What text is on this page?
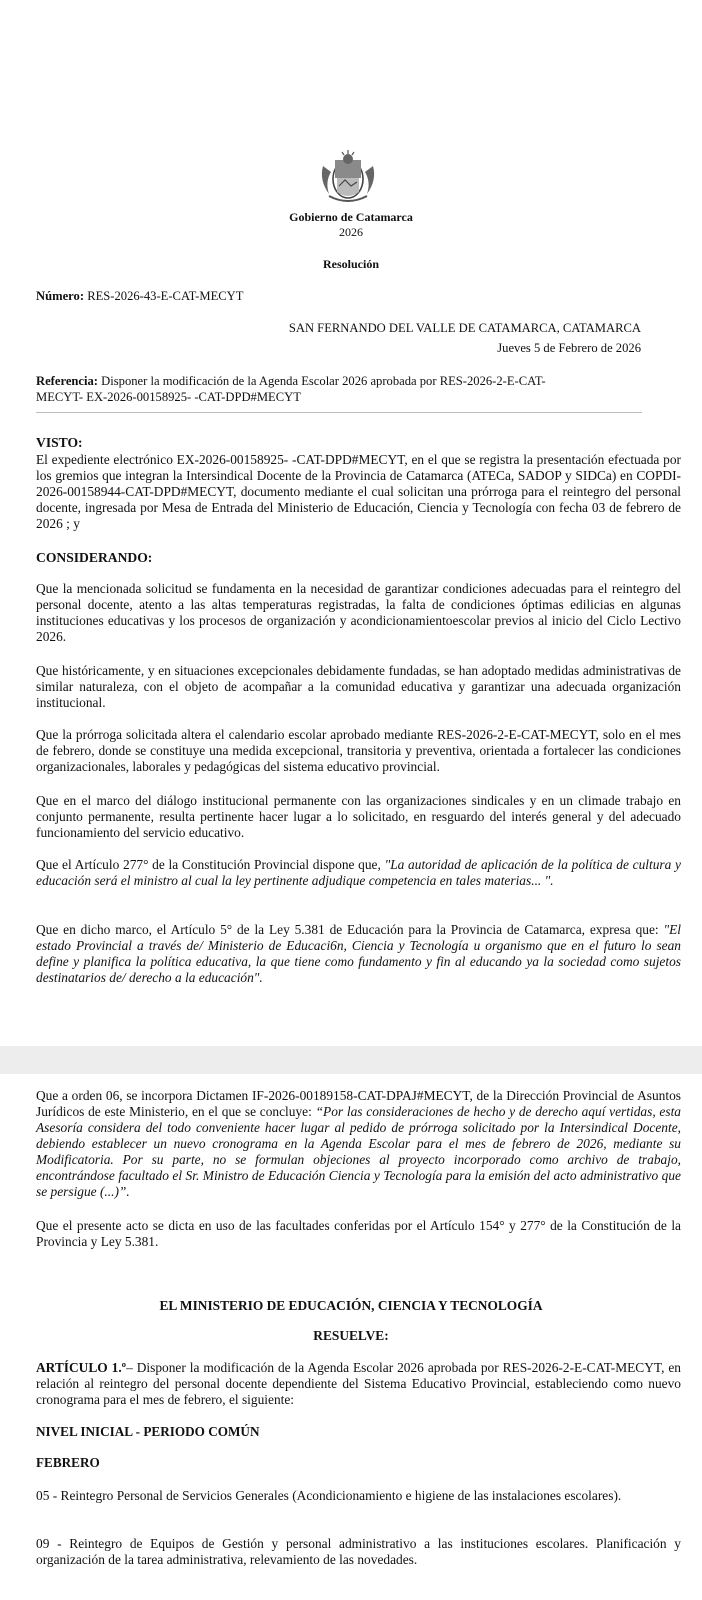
Gobierno de Catamarca
2026
Resolución
Número: RES-2026-43-E-CAT-MECYT
SAN FERNANDO DEL VALLE DE CATAMARCA, CATAMARCA
Jueves 5 de Febrero de 2026
Referencia: Disponer la modificación de la Agenda Escolar 2026 aprobada por RES-2026-2-E-CAT-
MECYT- EX-2026-00158925- -CAT-DPD#MECYT
VISTO:

El expediente electrónico EX-2026-00158925- -CAT-DPD#MECYT, en el que se registra la presentación efectuada por los gremios que integran la Intersindical Docente de la Provincia de Catamarca (ATECa, SADOP y SIDCa) en COPDI-2026-00158944-CAT-DPD#MECYT, documento mediante el cual solicitan una prórroga para el reintegro del personal docente, ingresada por Mesa de Entrada del Ministerio de Educación, Ciencia y Tecnología con fecha 03 de febrero de 2026 ; y

CONSIDERANDO:

Que la mencionada solicitud se fundamenta en la necesidad de garantizar condiciones adecuadas para el reintegro del personal docente, atento a las altas temperaturas registradas, la falta de condiciones óptimas edilicias en algunas instituciones educativas y los procesos de organización y acondicionamientoescolar previos al inicio del Ciclo Lectivo 2026.

Que históricamente, y en situaciones excepcionales debidamente fundadas, se han adoptado medidas administrativas de similar naturaleza, con el objeto de acompañar a la comunidad educativa y garantizar una adecuada organización institucional.

Que la prórroga solicitada altera el calendario escolar aprobado mediante RES-2026-2-E-CAT-MECYT, solo en el mes de febrero, donde se constituye una medida excepcional, transitoria y preventiva, orientada a fortalecer las condiciones organizacionales, laborales y pedagógicas del sistema educativo provincial.

Que en el marco del diálogo institucional permanente con las organizaciones sindicales y en un climade trabajo en conjunto permanente, resulta pertinente hacer lugar a lo solicitado, en resguardo del interés general y del adecuado funcionamiento del servicio educativo.

Que el Artículo 277° de la Constitución Provincial dispone que, "La autoridad de aplicación de la política de cultura y educación será el ministro al cual la ley pertinente adjudique competencia en tales materias... ".

Que en dicho marco, el Artículo 5° de la Ley 5.381 de Educación para la Provincia de Catamarca, expresa que: "El estado Provincial a través de/ Ministerio de Educaci6n, Ciencia y Tecnología u organismo que en el futuro lo sean define y planifica la política educativa, la que tiene como fundamento y fin al educando ya la sociedad como sujetos destinatarios de/ derecho a la educación".

Que a orden 06, se incorpora Dictamen IF-2026-00189158-CAT-DPAJ#MECYT, de la Dirección Provincial de Asuntos Jurídicos de este Ministerio, en el que se concluye: “Por las consideraciones de hecho y de derecho aquí vertidas, esta Asesoría considera del todo conveniente hacer lugar al pedido de prórroga solicitado por la Intersindical Docente, debiendo establecer un nuevo cronograma en la Agenda Escolar para el mes de febrero de 2026, mediante su Modificatoria. Por su parte, no se formulan objeciones al proyecto incorporado como archivo de trabajo, encontrándose facultado el Sr. Ministro de Educación Ciencia y Tecnología para la emisión del acto administrativo que se persigue (...)”.

Que el presente acto se dicta en uso de las facultades conferidas por el Artículo 154° y 277° de la Constitución de la Provincia y Ley 5.381.

EL MINISTERIO DE EDUCACIÓN, CIENCIA Y TECNOLOGÍA
RESUELVE:

ARTÍCULO 1.º– Disponer la modificación de la Agenda Escolar 2026 aprobada por RES-2026-2-E-CAT-MECYT, en relación al reintegro del personal docente dependiente del Sistema Educativo Provincial, estableciendo como nuevo cronograma para el mes de febrero, el siguiente:

NIVEL INICIAL - PERIODO COMÚN
FEBRERO

05 - Reintegro Personal de Servicios Generales (Acondicionamiento e higiene de las instalaciones escolares).

09 - Reintegro de Equipos de Gestión y personal administrativo a las instituciones escolares. Planificación y organización de la tarea administrativa, relevamiento de las novedades.
